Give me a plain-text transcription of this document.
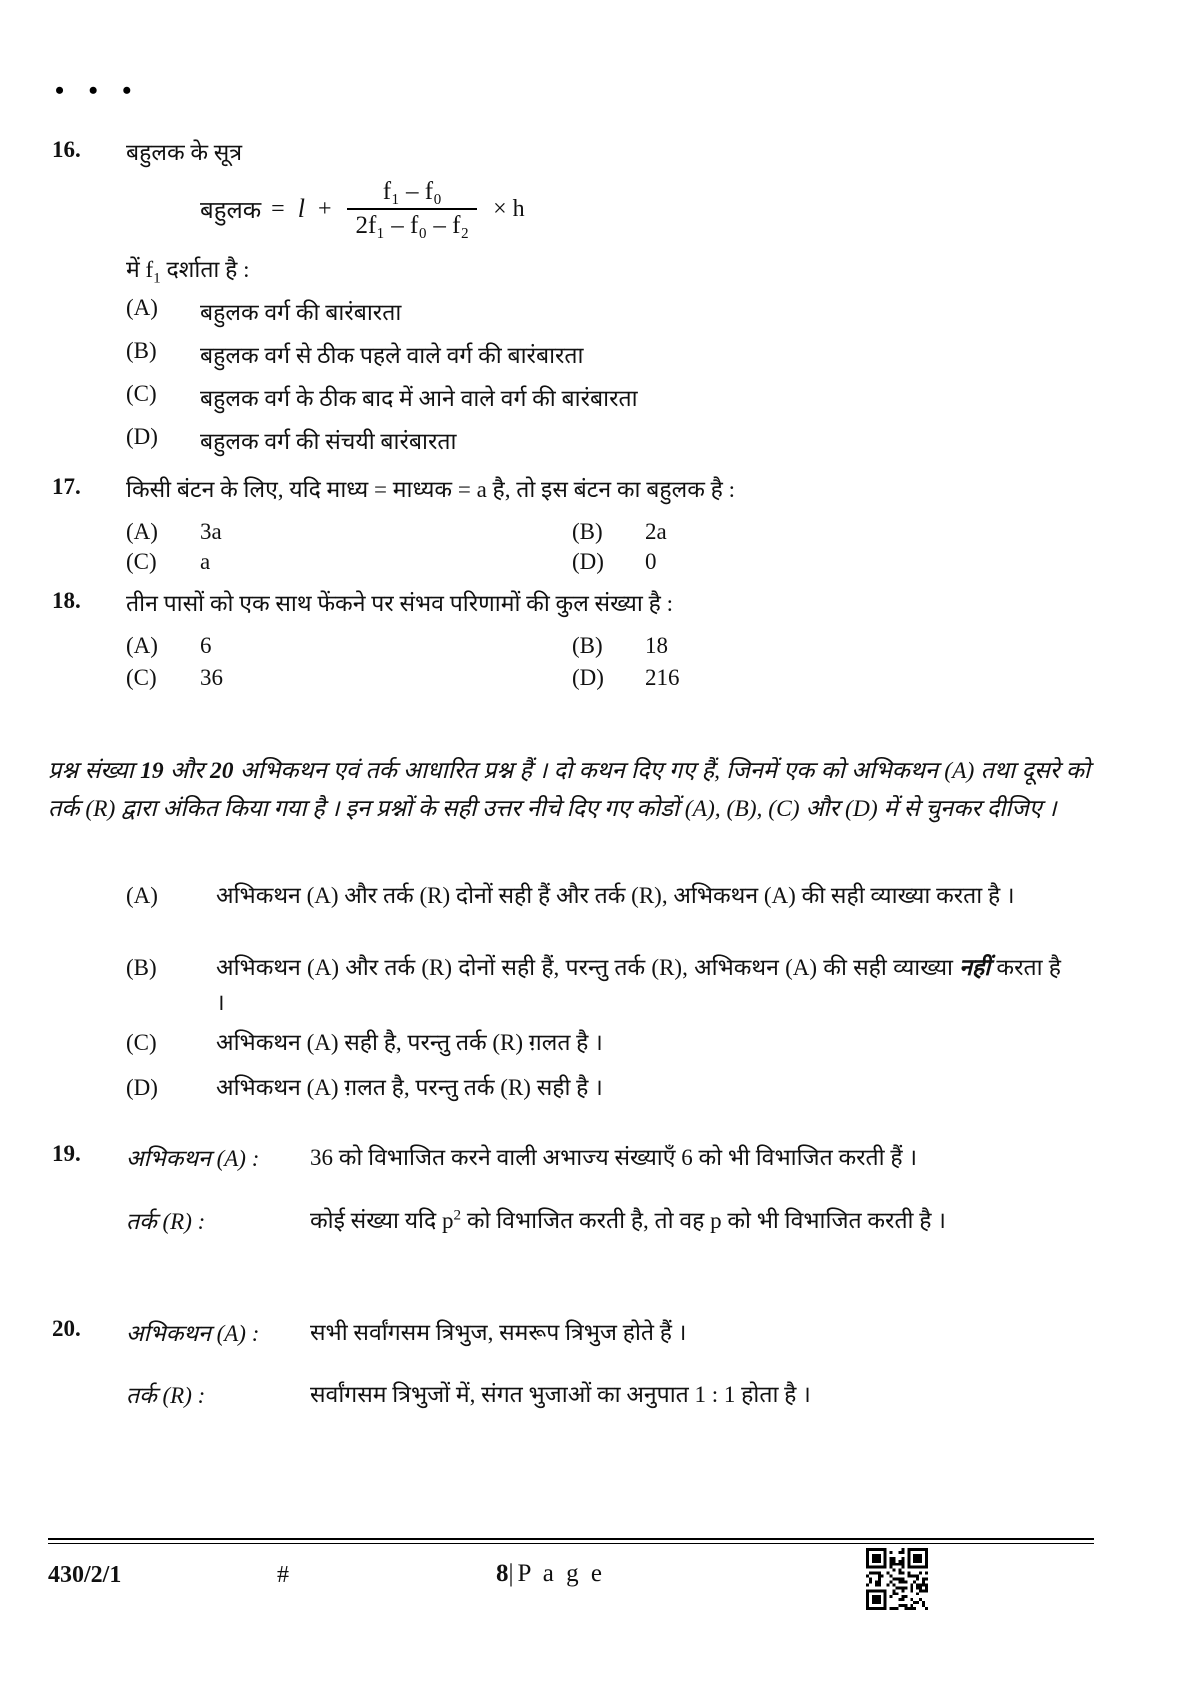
• • •
16. बहुलक के सूत्र
बहुलक = $l + \frac{\text{f₁ – f₀}}{\text{2f₁ – f₀ – f₂}} \times h$
में $f_1$ दर्शाता है :
(A) बहुलक वर्ग की बारंबारता
(B) बहुलक वर्ग से ठीक पहले वाले वर्ग की बारंबारता
(C) बहुलक वर्ग के ठीक बाद में आने वाले वर्ग की बारंबारता
(D) बहुलक वर्ग की संचयी बारंबारता
17. किसी बंटन के लिए, यदि माध्य = माध्यक = a है, तो इस बंटन का बहुलक है :
(A) 3a	(B) 2a
(C) a	(D) 0
18. तीन पासों को एक साथ फेंकने पर संभव परिणामों की कुल संख्या है :
(A) 6	(B) 18
(C) 36	(D) 216
प्रश्न संख्या 19 और 20 अभिकथन एवं तर्क आधारित प्रश्न हैं । दो कथन दिए गए हैं, जिनमें एक को अभिकथन (A) तथा दूसरे को तर्क (R) द्वारा अंकित किया गया है । इन प्रश्नों के सही उत्तर नीचे दिए गए कोडों (A), (B), (C) और (D) में से चुनकर दीजिए ।
(A)	अभिकथन (A) और तर्क (R) दोनों सही हैं और तर्क (R), अभिकथन (A) की सही व्याख्या करता है ।
(B)	अभिकथन (A) और तर्क (R) दोनों सही हैं, परन्तु तर्क (R), अभिकथन (A) की सही व्याख्या नहीं करता है ।
(C)	अभिकथन (A) सही है, परन्तु तर्क (R) ग़लत है ।
(D)	अभिकथन (A) ग़लत है, परन्तु तर्क (R) सही है ।
19. अभिकथन (A) : 36 को विभाजित करने वाली अभाज्य संख्याएँ 6 को भी विभाजित करती हैं ।
तर्क (R) :	कोई संख्या यदि $p^2$ को विभाजित करती है, तो वह p को भी विभाजित करती है ।
20. अभिकथन (A) : सभी सर्वांगसम त्रिभुज, समरूप त्रिभुज होते हैं ।
तर्क (R) :	सर्वांगसम त्रिभुजों में, संगत भुजाओं का अनुपात 1 : 1 होता है ।
430/2/1	#	8| P a g e
